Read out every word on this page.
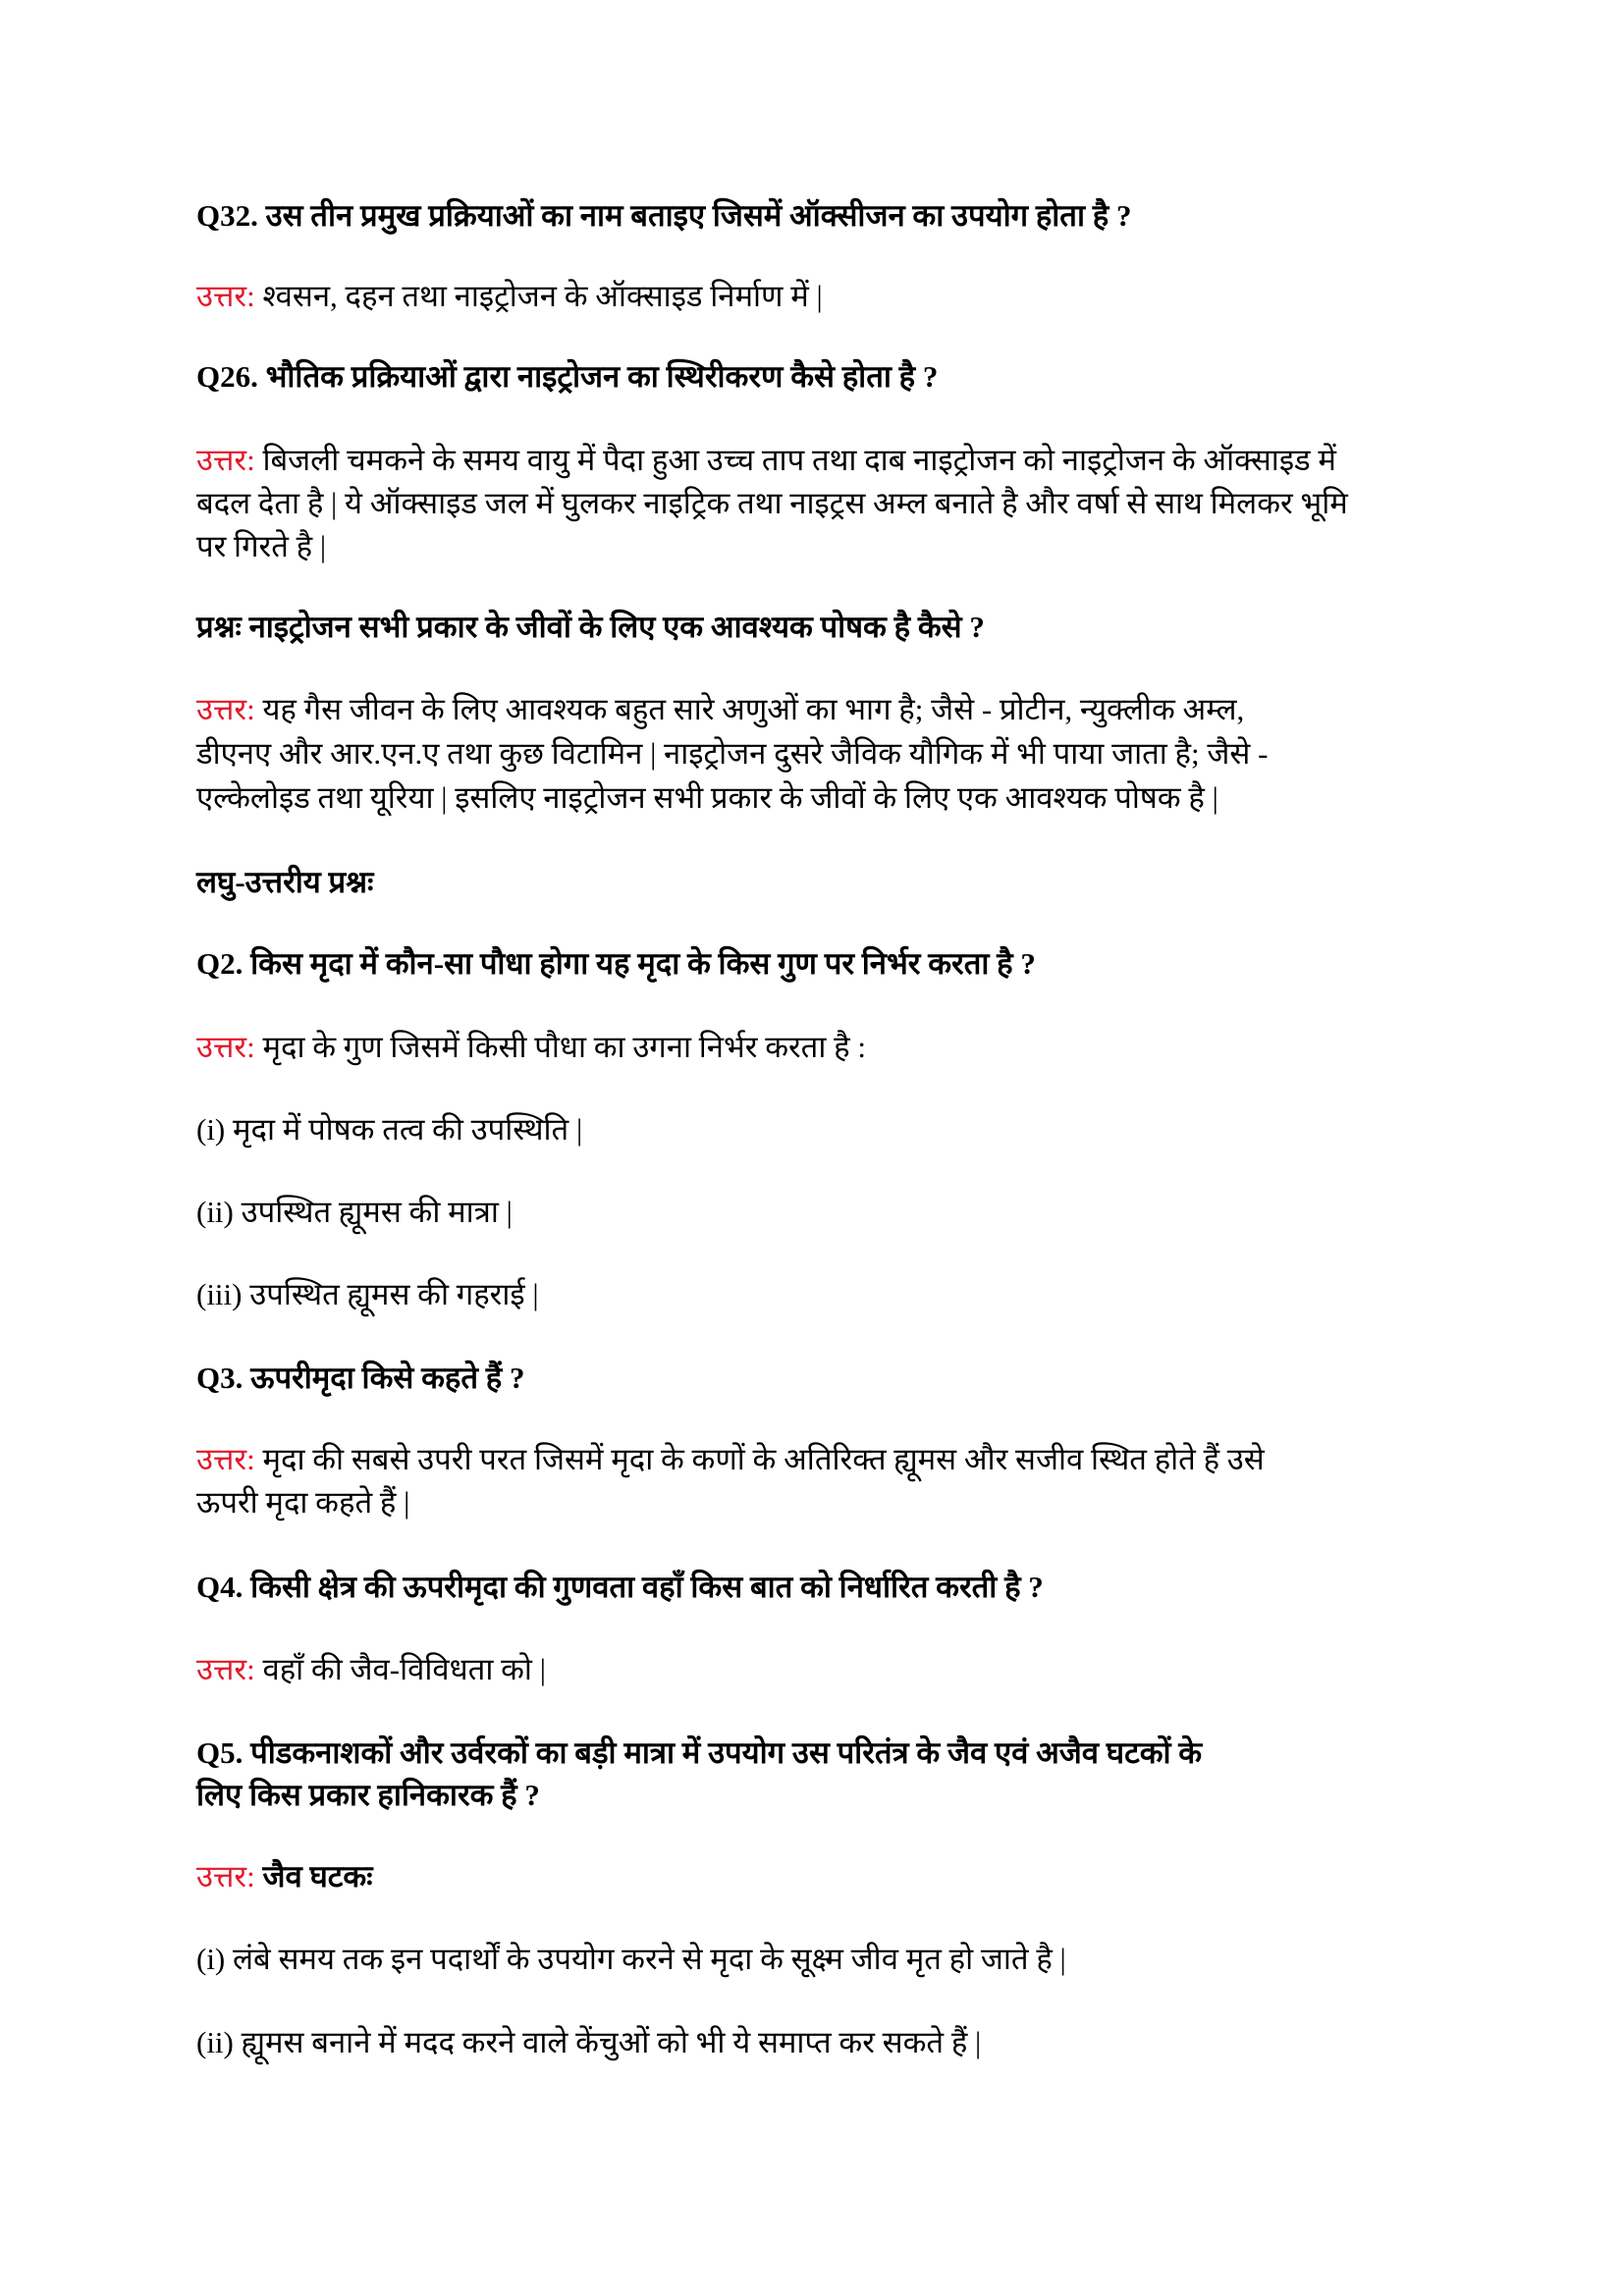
Q32. उस तीन प्रमुख प्रक्रियाओं का नाम बताइए जिसमें ऑक्सीजन का उपयोग होता है ?
उत्तर: श्वसन, दहन तथा नाइट्रोजन के ऑक्साइड निर्माण में |
Q26. भौतिक प्रक्रियाओं द्वारा नाइट्रोजन का स्थिरीकरण कैसे होता है ?
उत्तर: बिजली चमकने के समय वायु में पैदा हुआ उच्च ताप तथा दाब नाइट्रोजन को नाइट्रोजन के ऑक्साइड में
बदल देता है | ये ऑक्साइड जल में घुलकर नाइट्रिक तथा नाइट्रस अम्ल बनाते है और वर्षा से साथ मिलकर भूमि
पर गिरते है |
प्रश्नः नाइट्रोजन सभी प्रकार के जीवों के लिए एक आवश्यक पोषक है कैसे ?
उत्तर: यह गैस जीवन के लिए आवश्यक बहुत सारे अणुओं का भाग है; जैसे - प्रोटीन, न्युक्लीक अम्ल,
डीएनए और आर.एन.ए तथा कुछ विटामिन | नाइट्रोजन दुसरे जैविक यौगिक में भी पाया जाता है; जैसे -
एल्केलोइड तथा यूरिया | इसलिए नाइट्रोजन सभी प्रकार के जीवों के लिए एक आवश्यक पोषक है |
लघु-उत्तरीय प्रश्नः
Q2. किस मृदा में कौन-सा पौधा होगा यह मृदा के किस गुण पर निर्भर करता है ?
उत्तर: मृदा के गुण जिसमें किसी पौधा का उगना निर्भर करता है :
(i) मृदा में पोषक तत्व की उपस्थिति |
(ii) उपस्थित ह्यूमस की मात्रा |
(iii) उपस्थित ह्यूमस की गहराई |
Q3. ऊपरीमृदा किसे कहते हैं ?
उत्तर: मृदा की सबसे उपरी परत जिसमें मृदा के कणों के अतिरिक्त ह्यूमस और सजीव स्थित होते हैं उसे
ऊपरी मृदा कहते हैं |
Q4. किसी क्षेत्र की ऊपरीमृदा की गुणवता वहाँ किस बात को निर्धारित करती है ?
उत्तर: वहाँ की जैव-विविधता को |
Q5. पीडकनाशकों और उर्वरकों का बड़ी मात्रा में उपयोग उस परितंत्र के जैव एवं अजैव घटकों के
लिए किस प्रकार हानिकारक हैं ?
उत्तर: जैव घटकः
(i) लंबे समय तक इन पदार्थों के उपयोग करने से मृदा के सूक्ष्म जीव मृत हो जाते है |
(ii) ह्यूमस बनाने में मदद करने वाले केंचुओं को भी ये समाप्त कर सकते हैं |
